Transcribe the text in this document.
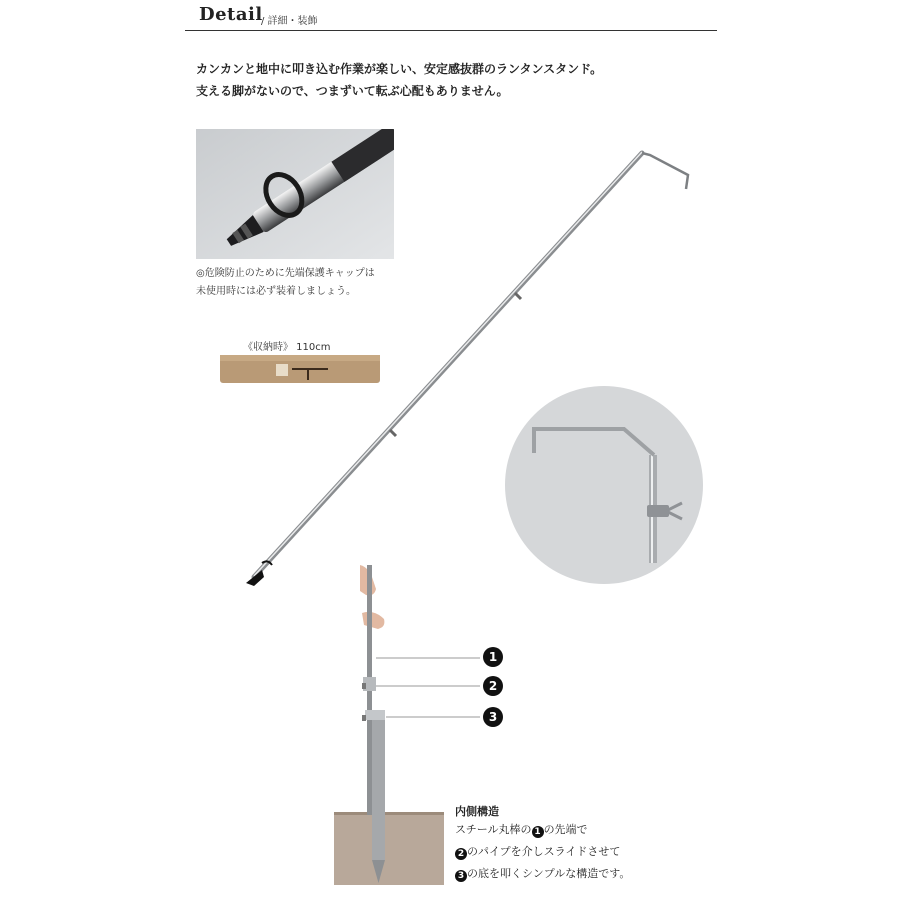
Detail
/ 詳細・装飾
カンカンと地中に叩き込む作業が楽しい、安定感抜群のランタンスタンド。
支える脚がないので、つまずいて転ぶ心配もありません。
◎危険防止のために先端保護キャップは
未使用時には必ず装着しましょう。
《収納時》 110cm
1
2
3
内側構造
スチール丸棒の 1 の先端で
2 のパイプを介しスライドさせて
3 の底を叩くシンプルな構造です。
